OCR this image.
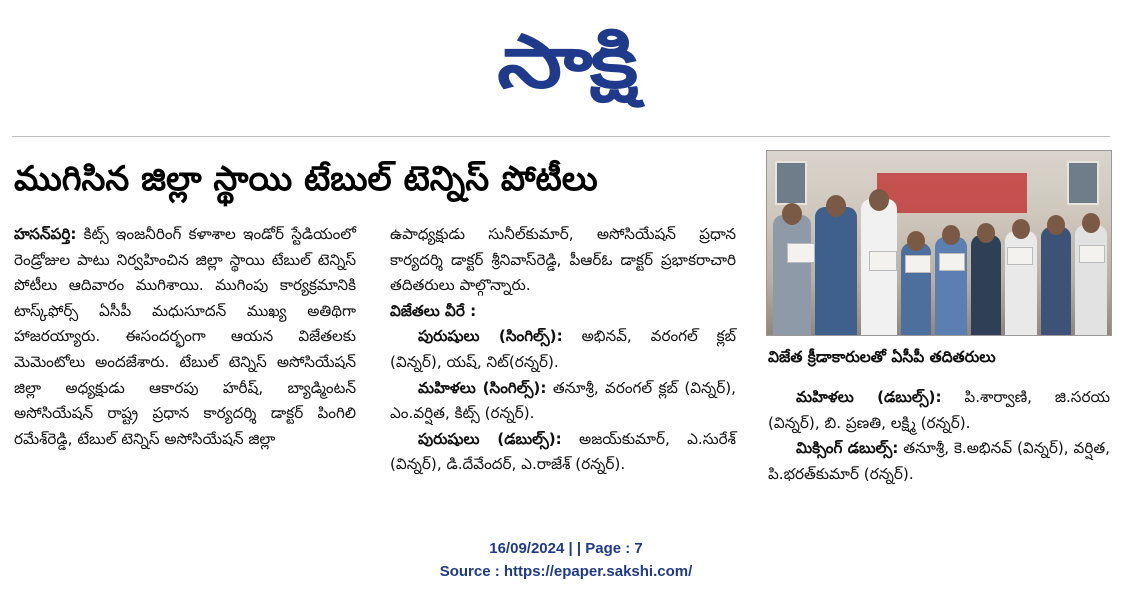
సాక్షి
ముగిసిన జిల్లా స్థాయి టేబుల్ టెన్నిస్ పోటీలు

హసన్‌పర్తి: కిట్స్ ఇంజనీరింగ్ కళాశాల ఇండోర్ స్టేడియంలో రెండ్రోజుల పాటు నిర్వహించిన జిల్లా స్థాయి టేబుల్ టెన్నిస్ పోటీలు ఆదివారం ముగిశాయి. ముగింపు కార్యక్రమానికి టాస్క్‌ఫోర్స్ ఏసీపీ మధుసూదన్ ముఖ్య అతిథిగా హాజరయ్యారు. ఈసందర్భంగా ఆయన విజేతలకు మెమెంటోలు అందజేశారు. టేబుల్ టెన్నిస్ అసోసియేషన్ జిల్లా అధ్యక్షుడు ఆకారపు హరీష్, బ్యాడ్మింటన్ అసోసియేషన్ రాష్ట్ర ప్రధాన కార్యదర్శి డాక్టర్ పింగిలి రమేశ్‌రెడ్డి, టేబుల్ టెన్నిస్ అసోసియేషన్ జిల్లా

ఉపాధ్యక్షుడు సునీల్‌కుమార్, అసోసియేషన్ ప్రధాన కార్యదర్శి డాక్టర్ శ్రీనివాస్‌రెడ్డి, పీఆర్‌ఓ డాక్టర్ ప్రభాకరాచారి తదితరులు పాల్గొన్నారు.

విజేతలు వీరే :

పురుషులు (సింగిల్స్): అభినవ్, వరంగల్ క్లబ్ (విన్నర్), యష్, నిట్(రన్నర్).

మహిళలు (సింగిల్స్): తనూశ్రీ, వరంగల్ క్లబ్ (విన్నర్), ఎం.వర్షిత, కిట్స్ (రన్నర్).

పురుషులు (డబుల్స్): అజయ్‌కుమార్, ఎ.సురేశ్ (విన్నర్), డి.దేవేందర్, ఎ.రాజేశ్ (రన్నర్).

విజేత క్రీడాకారులతో ఏసీపీ తదితరులు

మహిళలు (డబుల్స్): పి.శార్వాణి, జి.సరయ (విన్నర్), బి. ప్రణతి, లక్ష్మి (రన్నర్).

మిక్సింగ్ డబుల్స్: తనూశ్రీ, కె.అభినవ్ (విన్నర్), వర్షిత, పి.భరత్‌కుమార్ (రన్నర్).

16/09/2024 | | Page : 7
Source : https://epaper.sakshi.com/
